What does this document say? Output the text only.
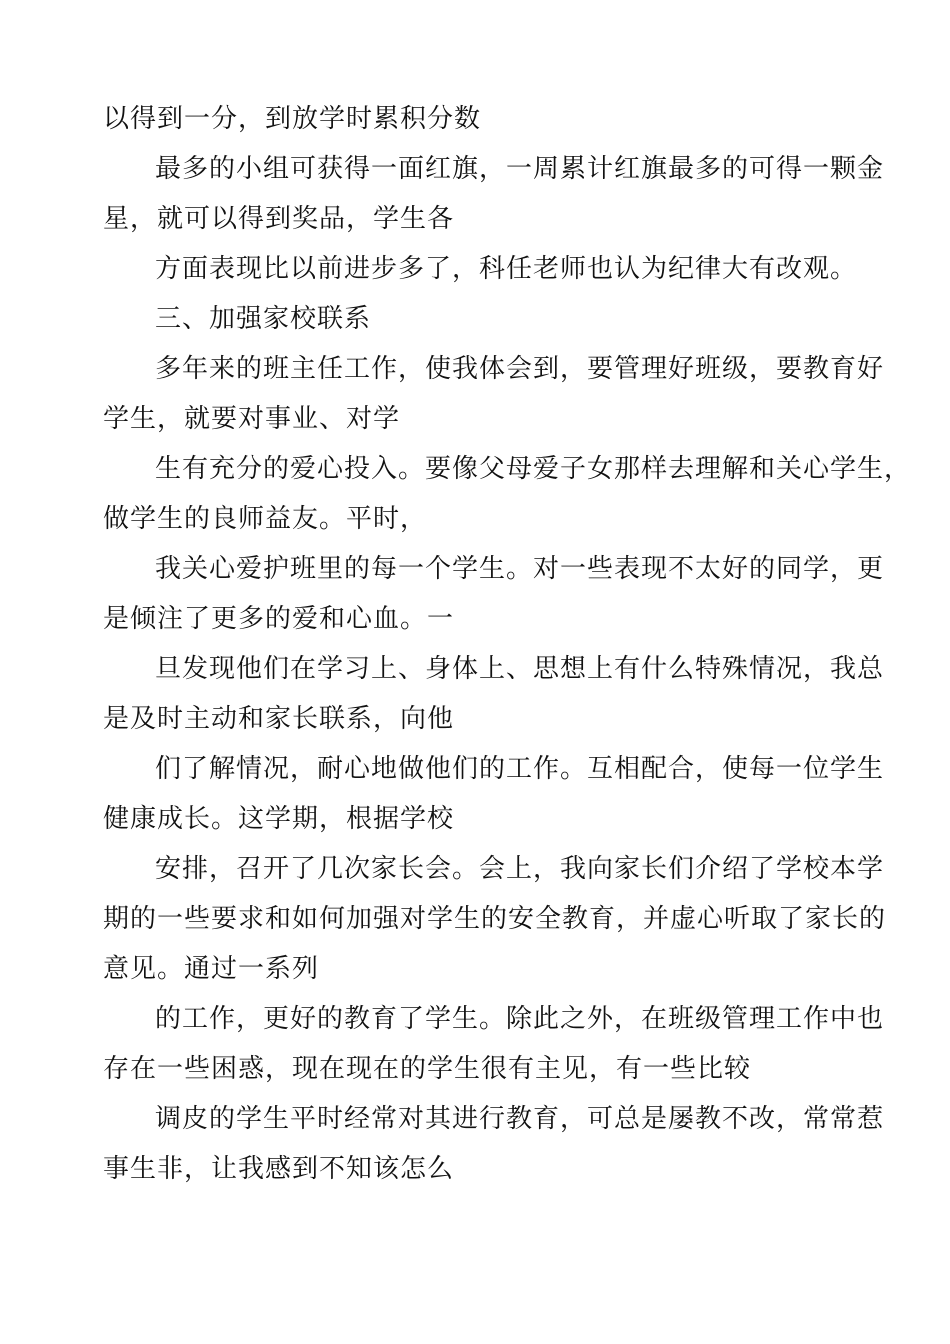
以得到一分，到放学时累积分数

最多的小组可获得一面红旗，一周累计红旗最多的可得一颗金
星，就可以得到奖品，学生各

方面表现比以前进步多了，科任老师也认为纪律大有改观。

三、加强家校联系

多年来的班主任工作，使我体会到，要管理好班级，要教育好
学生，就要对事业、对学

生有充分的爱心投入。要像父母爱子女那样去理解和关心学生，
做学生的良师益友。平时，

我关心爱护班里的每一个学生。对一些表现不太好的同学，更
是倾注了更多的爱和心血。一

旦发现他们在学习上、身体上、思想上有什么特殊情况，我总
是及时主动和家长联系，向他

们了解情况，耐心地做他们的工作。互相配合，使每一位学生
健康成长。这学期，根据学校

安排，召开了几次家长会。会上，我向家长们介绍了学校本学
期的一些要求和如何加强对学生的安全教育，并虚心听取了家长的
意见。通过一系列

的工作，更好的教育了学生。除此之外，在班级管理工作中也
存在一些困惑，现在现在的学生很有主见，有一些比较

调皮的学生平时经常对其进行教育，可总是屡教不改，常常惹
事生非，让我感到不知该怎么
